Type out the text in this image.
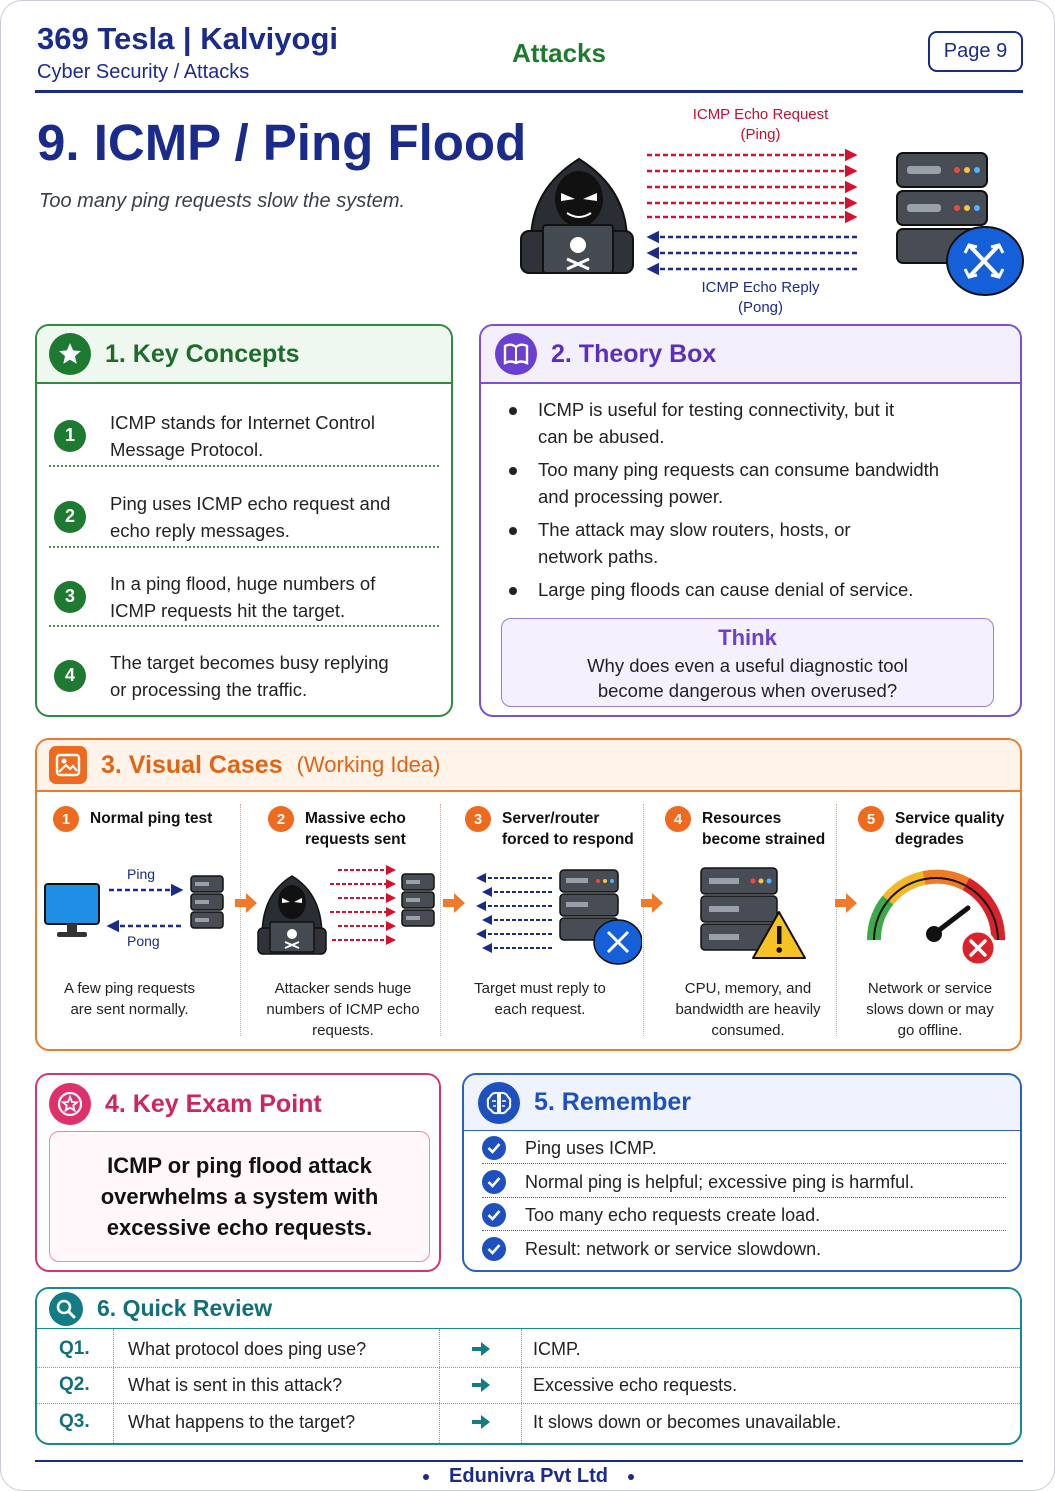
369 Tesla | Kalviyogi
Cyber Security / Attacks
Attacks	Page 9
9. ICMP / Ping Flood
Too many ping requests slow the system.
ICMP Echo Request
(Ping)
ICMP Echo Reply
(Pong)
1. Key Concepts
1
ICMP stands for Internet Control
Message Protocol.
2
Ping uses ICMP echo request and
echo reply messages.
3
In a ping flood, huge numbers of
ICMP requests hit the target.
4
The target becomes busy replying
or processing the traffic.
2. Theory Box
ICMP is useful for testing connectivity, but it
can be abused.
Too many ping requests can consume bandwidth
and processing power.
The attack may slow routers, hosts, or
network paths.
Large ping floods can cause denial of service.
Think
Why does even a useful diagnostic tool
become dangerous when overused?
3. Visual Cases (Working Idea)
1	Normal ping test
Ping
Pong
A few ping requests
are sent normally.
2	Massive echo
requests sent
Attacker sends huge
numbers of ICMP echo
requests.
3	Server/router
forced to respond
Target must reply to
each request.
4	Resources
become strained
CPU, memory, and
bandwidth are heavily
consumed.
5	Service quality
degrades
Network or service
slows down or may
go offline.
4. Key Exam Point
ICMP or ping flood attack
overwhelms a system with
excessive echo requests.
5. Remember
Ping uses ICMP.
Normal ping is helpful; excessive ping is harmful.
Too many echo requests create load.
Result: network or service slowdown.
6. Quick Review
Q1. What protocol does ping use?	ICMP.
Q2. What is sent in this attack?	Excessive echo requests.
Q3. What happens to the target?	It slows down or becomes unavailable.
Edunivra Pvt Ltd
